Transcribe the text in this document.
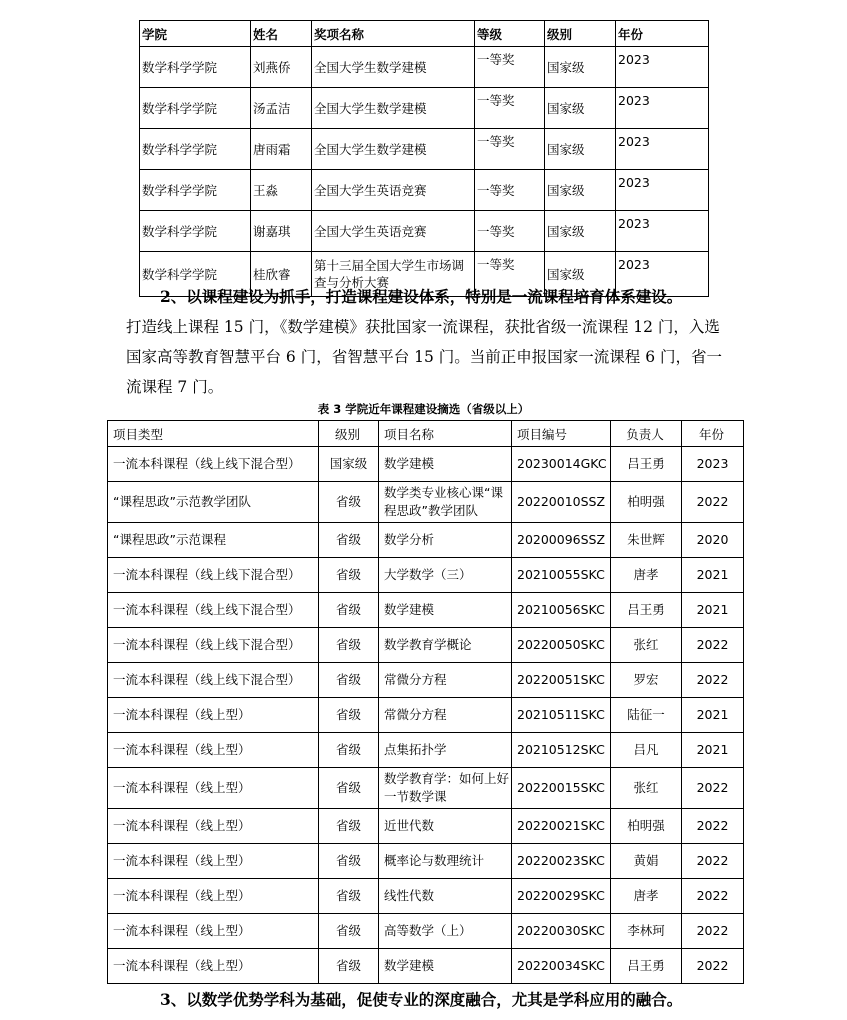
学院	姓名	奖项名称	等级	级别	年份
数学科学学院	刘燕侨	全国大学生数学建模	一等奖	国家级	2023
数学科学学院	汤孟洁	全国大学生数学建模	一等奖	国家级	2023
数学科学学院	唐雨霜	全国大学生数学建模	一等奖	国家级	2023
数学科学学院	王淼	全国大学生英语竞赛	一等奖	国家级	2023
数学科学学院	谢嘉琪	全国大学生英语竞赛	一等奖	国家级	2023
数学科学学院	桂欣睿	第十三届全国大学生市场调查与分析大赛	一等奖	国家级	2023
2、以课程建设为抓手，打造课程建设体系，特别是一流课程培育体系建设。
打造线上课程 15 门，《数学建模》获批国家一流课程，获批省级一流课程 12 门，入选国家高等教育智慧平台 6 门，省智慧平台 15 门。当前正申报国家一流课程 6 门，省一流课程 7 门。
表 3 学院近年课程建设摘选（省级以上）
项目类型	级别	项目名称	项目编号	负责人	年份
一流本科课程（线上线下混合型）	国家级	数学建模	20230014GKC	吕王勇	2023
“课程思政”示范教学团队	省级	数学类专业核心课“课程思政”教学团队	20220010SSZ	柏明强	2022
“课程思政”示范课程	省级	数学分析	20200096SSZ	朱世辉	2020
一流本科课程（线上线下混合型）	省级	大学数学（三）	20210055SKC	唐孝	2021
一流本科课程（线上线下混合型）	省级	数学建模	20210056SKC	吕王勇	2021
一流本科课程（线上线下混合型）	省级	数学教育学概论	20220050SKC	张红	2022
一流本科课程（线上线下混合型）	省级	常微分方程	20220051SKC	罗宏	2022
一流本科课程（线上型）	省级	常微分方程	20210511SKC	陆征一	2021
一流本科课程（线上型）	省级	点集拓扑学	20210512SKC	吕凡	2021
一流本科课程（线上型）	省级	数学教育学：如何上好一节数学课	20220015SKC	张红	2022
一流本科课程（线上型）	省级	近世代数	20220021SKC	柏明强	2022
一流本科课程（线上型）	省级	概率论与数理统计	20220023SKC	黄娟	2022
一流本科课程（线上型）	省级	线性代数	20220029SKC	唐孝	2022
一流本科课程（线上型）	省级	高等数学（上）	20220030SKC	李林珂	2022
一流本科课程（线上型）	省级	数学建模	20220034SKC	吕王勇	2022
3、以数学优势学科为基础，促使专业的深度融合，尤其是学科应用的融合。
